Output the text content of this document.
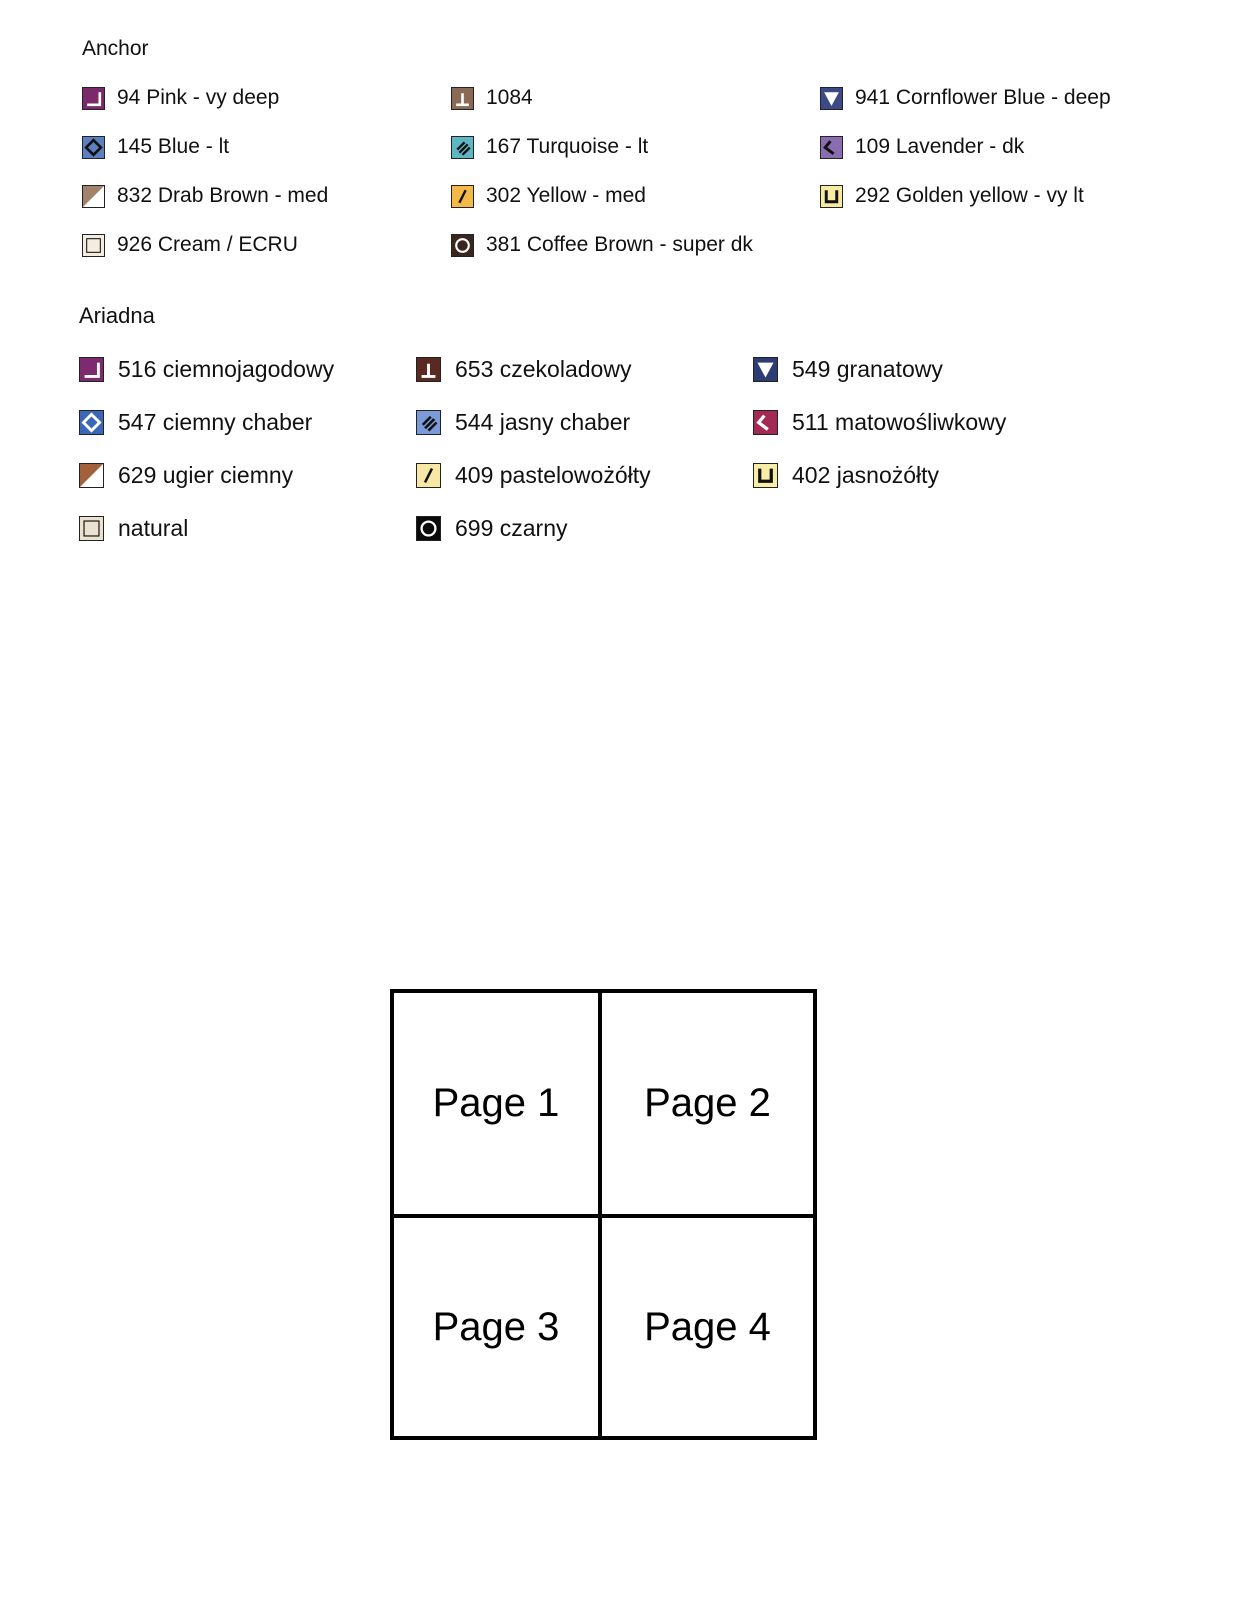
Anchor
94 Pink - vy deep	1084	941 Cornflower Blue - deep
145 Blue - lt	167 Turquoise - lt	109 Lavender - dk
832 Drab Brown - med	302 Yellow - med	292 Golden yellow - vy lt
926 Cream / ECRU	381 Coffee Brown - super dk
Ariadna
516 ciemnojagodowy	653 czekoladowy	549 granatowy
547 ciemny chaber	544 jasny chaber	511 matowośliwkowy
629 ugier ciemny	409 pastelowożółty	402 jasnożółty
natural	699 czarny
Page 1	Page 2
Page 3	Page 4
